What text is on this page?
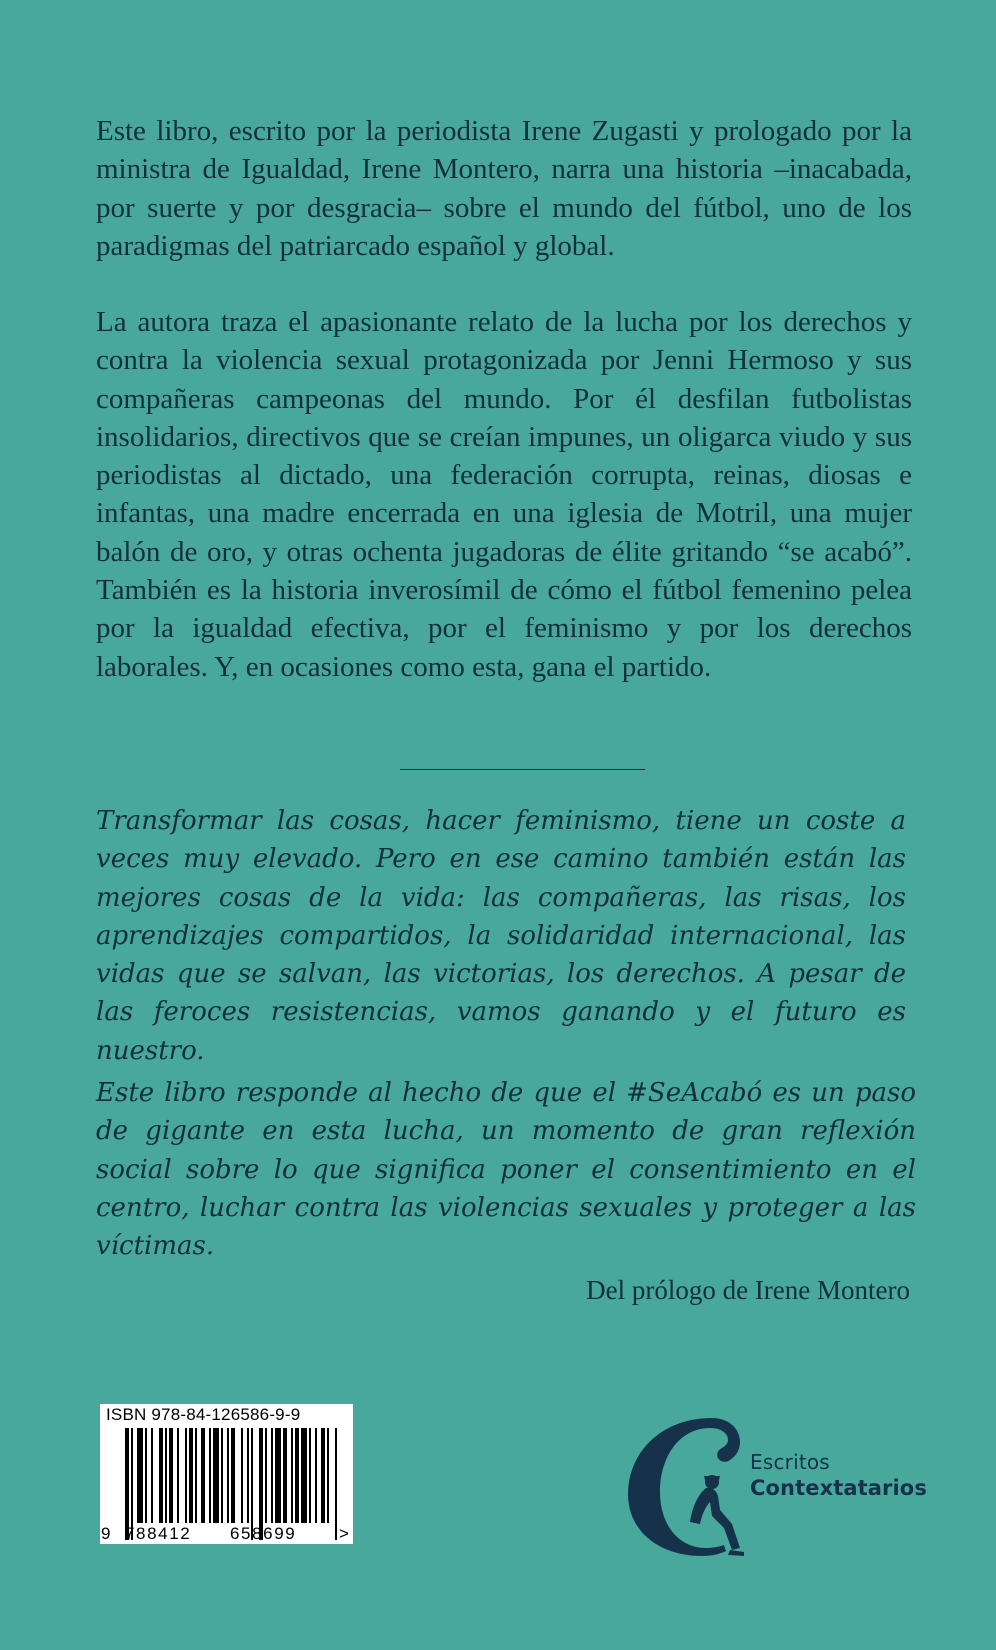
Este libro, escrito por la periodista Irene Zugasti y prologado por la ministra de Igualdad, Irene Montero, narra una historia –inacabada, por suerte y por desgracia– sobre el mundo del fútbol, uno de los paradigmas del patriarcado español y global.

La autora traza el apasionante relato de la lucha por los derechos y contra la violencia sexual protagonizada por Jenni Hermoso y sus compañeras campeonas del mundo. Por él desfilan futbolistas insolidarios, directivos que se creían impunes, un oligarca viudo y sus periodistas al dictado, una federación corrupta, reinas, diosas e infantas, una madre encerrada en una iglesia de Motril, una mujer balón de oro, y otras ochenta jugadoras de élite gritando “se acabó”. También es la historia inverosímil de cómo el fútbol femenino pelea por la igualdad efectiva, por el feminismo y por los derechos laborales. Y, en ocasiones como esta, gana el partido.

Transformar las cosas, hacer feminismo, tiene un coste a veces muy elevado. Pero en ese camino también están las mejores cosas de la vida: las compañeras, las risas, los aprendizajes compartidos, la solidaridad internacional, las vidas que se salvan, las victorias, los derechos. A pesar de las feroces resistencias, vamos ganando y el futuro es nuestro.

Este libro responde al hecho de que el #SeAcabó es un paso de gigante en esta lucha, un momento de gran reflexión social sobre lo que significa poner el consentimiento en el centro, luchar contra las violencias sexuales y proteger a las víctimas.

Del prólogo de Irene Montero

ISBN 978-84-126586-9-9
9 788412 658699	>
Escritos
Contextatarios
